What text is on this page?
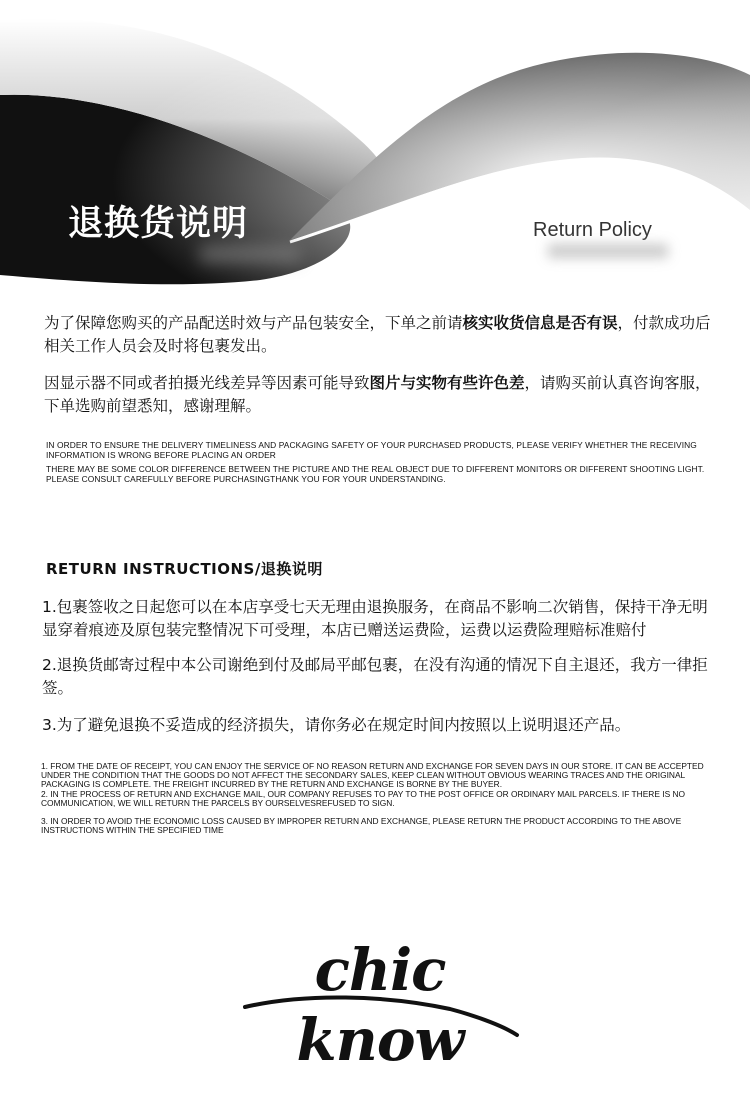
退换货说明	Return Policy
为了保障您购买的产品配送时效与产品包装安全，下单之前请核实收货信息是否有误，付款成功后相关工作人员会及时将包裹发出。
因显示器不同或者拍摄光线差异等因素可能导致图片与实物有些许色差，请购买前认真咨询客服，下单选购前望悉知，感谢理解。
IN ORDER TO ENSURE THE DELIVERY TIMELINESS AND PACKAGING SAFETY OF YOUR PURCHASED PRODUCTS, PLEASE VERIFY WHETHER THE RECEIVING INFORMATION IS WRONG BEFORE PLACING AN ORDER
THERE MAY BE SOME COLOR DIFFERENCE BETWEEN THE PICTURE AND THE REAL OBJECT DUE TO DIFFERENT MONITORS OR DIFFERENT SHOOTING LIGHT. PLEASE CONSULT CAREFULLY BEFORE PURCHASINGTHANK YOU FOR YOUR UNDERSTANDING.
RETURN INSTRUCTIONS/退换说明
1.包裹签收之日起您可以在本店享受七天无理由退换服务，在商品不影响二次销售，保持干净无明显穿着痕迹及原包装完整情况下可受理，本店已赠送运费险，运费以运费险理赔标准赔付
2.退换货邮寄过程中本公司谢绝到付及邮局平邮包裹，在没有沟通的情况下自主退还，我方一律拒签。
3.为了避免退换不妥造成的经济损失，请你务必在规定时间内按照以上说明退还产品。

1. FROM THE DATE OF RECEIPT, YOU CAN ENJOY THE SERVICE OF NO REASON RETURN AND EXCHANGE FOR SEVEN DAYS IN OUR STORE. IT CAN BE ACCEPTED UNDER THE CONDITION THAT THE GOODS DO NOT AFFECT THE SECONDARY SALES, KEEP CLEAN WITHOUT OBVIOUS WEARING TRACES AND THE ORIGINAL PACKAGING IS COMPLETE. THE FREIGHT INCURRED BY THE RETURN AND EXCHANGE IS BORNE BY THE BUYER.

2. IN THE PROCESS OF RETURN AND EXCHANGE MAIL, OUR COMPANY REFUSES TO PAY TO THE POST OFFICE OR ORDINARY MAIL PARCELS. IF THERE IS NO COMMUNICATION, WE WILL RETURN THE PARCELS BY OURSELVESREFUSED TO SIGN.

3. IN ORDER TO AVOID THE ECONOMIC LOSS CAUSED BY IMPROPER RETURN AND EXCHANGE, PLEASE RETURN THE PRODUCT ACCORDING TO THE ABOVE INSTRUCTIONS WITHIN THE SPECIFIED TIME

chic know
